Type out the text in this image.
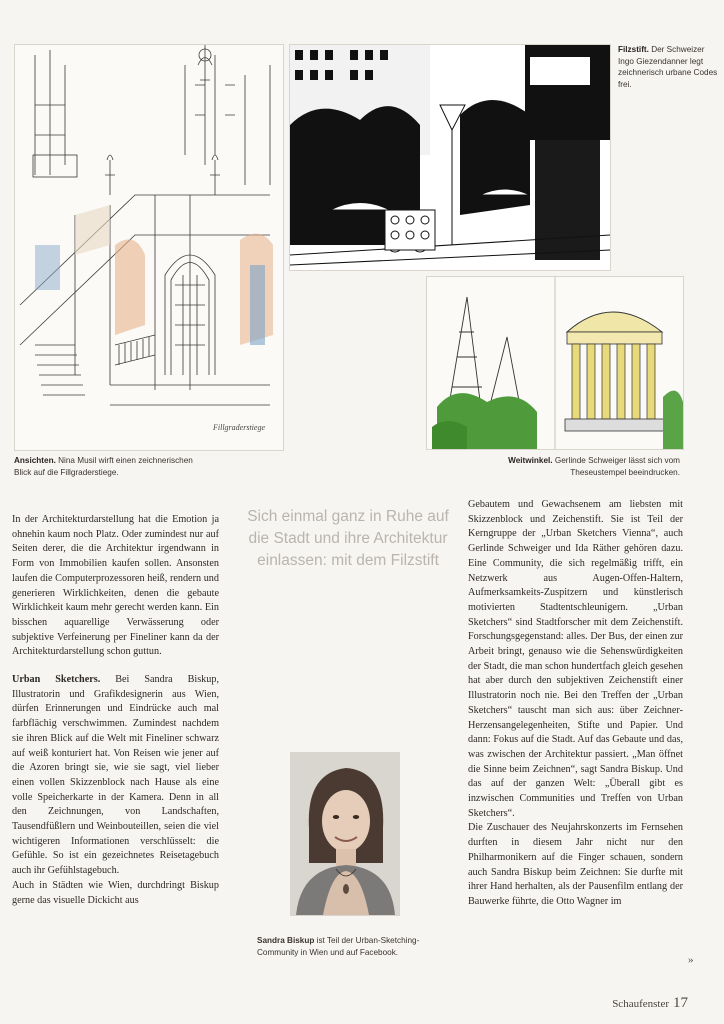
Fillgraderstiege
Ansichten. Nina Musil wirft einen zeichnerischen Blick auf die Fillgraderstiege.
Filzstift. Der Schweizer Ingo Giezendanner legt zeichnerisch urbane Codes frei.
Weitwinkel. Gerlinde Schweiger lässt sich vom Theseustempel beeindrucken.
Sich einmal ganz in Ruhe auf die Stadt und ihre Architektur einlassen: mit dem Filzstift

In der Architekturdarstellung hat die Emotion ja ohnehin kaum noch Platz. Oder zumindest nur auf Seiten derer, die die Architektur irgendwann in Form von Immobilien kaufen sollen. Ansonsten laufen die Computerprozessoren heiß, rendern und generieren Wirklichkeiten, denen die gebaute Wirklichkeit kaum mehr gerecht werden kann. Ein bisschen aquarellige Verwässerung oder subjektive Verfeinerung per Fineliner kann da der Architekturdarstellung schon guttun.

Urban Sketchers. Bei Sandra Biskup, Illustratorin und Grafikdesignerin aus Wien, dürfen Erinnerungen und Eindrücke auch mal farbflächig verschwimmen. Zumindest nachdem sie ihren Blick auf die Welt mit Fineliner schwarz auf weiß konturiert hat. Von Reisen wie jener auf die Azoren bringt sie, wie sie sagt, viel lieber einen vollen Skizzenblock nach Hause als eine volle Speicherkarte in der Kamera. Denn in all den Zeichnungen, von Landschaften, Tausendfüßlern und Weinbouteillen, seien die viel wichtigeren Informationen verschlüsselt: die Gefühle. So ist ein gezeichnetes Reisetagebuch auch ihr Gefühlstagebuch.

Auch in Städten wie Wien, durchdringt Biskup gerne das visuelle Dickicht aus

Sandra Biskup ist Teil der Urban-Sketching-Community in Wien und auf Facebook.

Gebautem und Gewachsenem am liebsten mit Skizzenblock und Zeichenstift. Sie ist Teil der Kerngruppe der „Urban Sketchers Vienna“, auch Gerlinde Schweiger und Ida Räther gehören dazu. Eine Community, die sich regelmäßig trifft, ein Netzwerk aus Augen-Offen-Haltern, Aufmerksamkeits-Zuspitzern und künstlerisch motivierten Stadtentschleunigern. „Urban Sketchers“ sind Stadtforscher mit dem Zeichenstift. Forschungsgegenstand: alles. Der Bus, der einen zur Arbeit bringt, genauso wie die Sehenswürdigkeiten der Stadt, die man schon hundertfach gleich gesehen hat aber durch den subjektiven Zeichenstift einer Illustratorin noch nie. Bei den Treffen der „Urban Sketchers“ tauscht man sich aus: über Zeichner-Herzensangelegenheiten, Stifte und Papier. Und dann: Fokus auf die Stadt. Auf das Gebaute und das, was zwischen der Architektur passiert. „Man öffnet die Sinne beim Zeichnen“, sagt Sandra Biskup. Und das auf der ganzen Welt: „Überall gibt es inzwischen Communities und Treffen von Urban Sketchers“.

Die Zuschauer des Neujahrskonzerts im Fernsehen durften in diesem Jahr nicht nur den Philharmonikern auf die Finger schauen, sondern auch Sandra Biskup beim Zeichnen: Sie durfte mit ihrer Hand herhalten, als der Pausenfilm entlang der Bauwerke führte, die Otto Wagner im

»
Schaufenster 17
